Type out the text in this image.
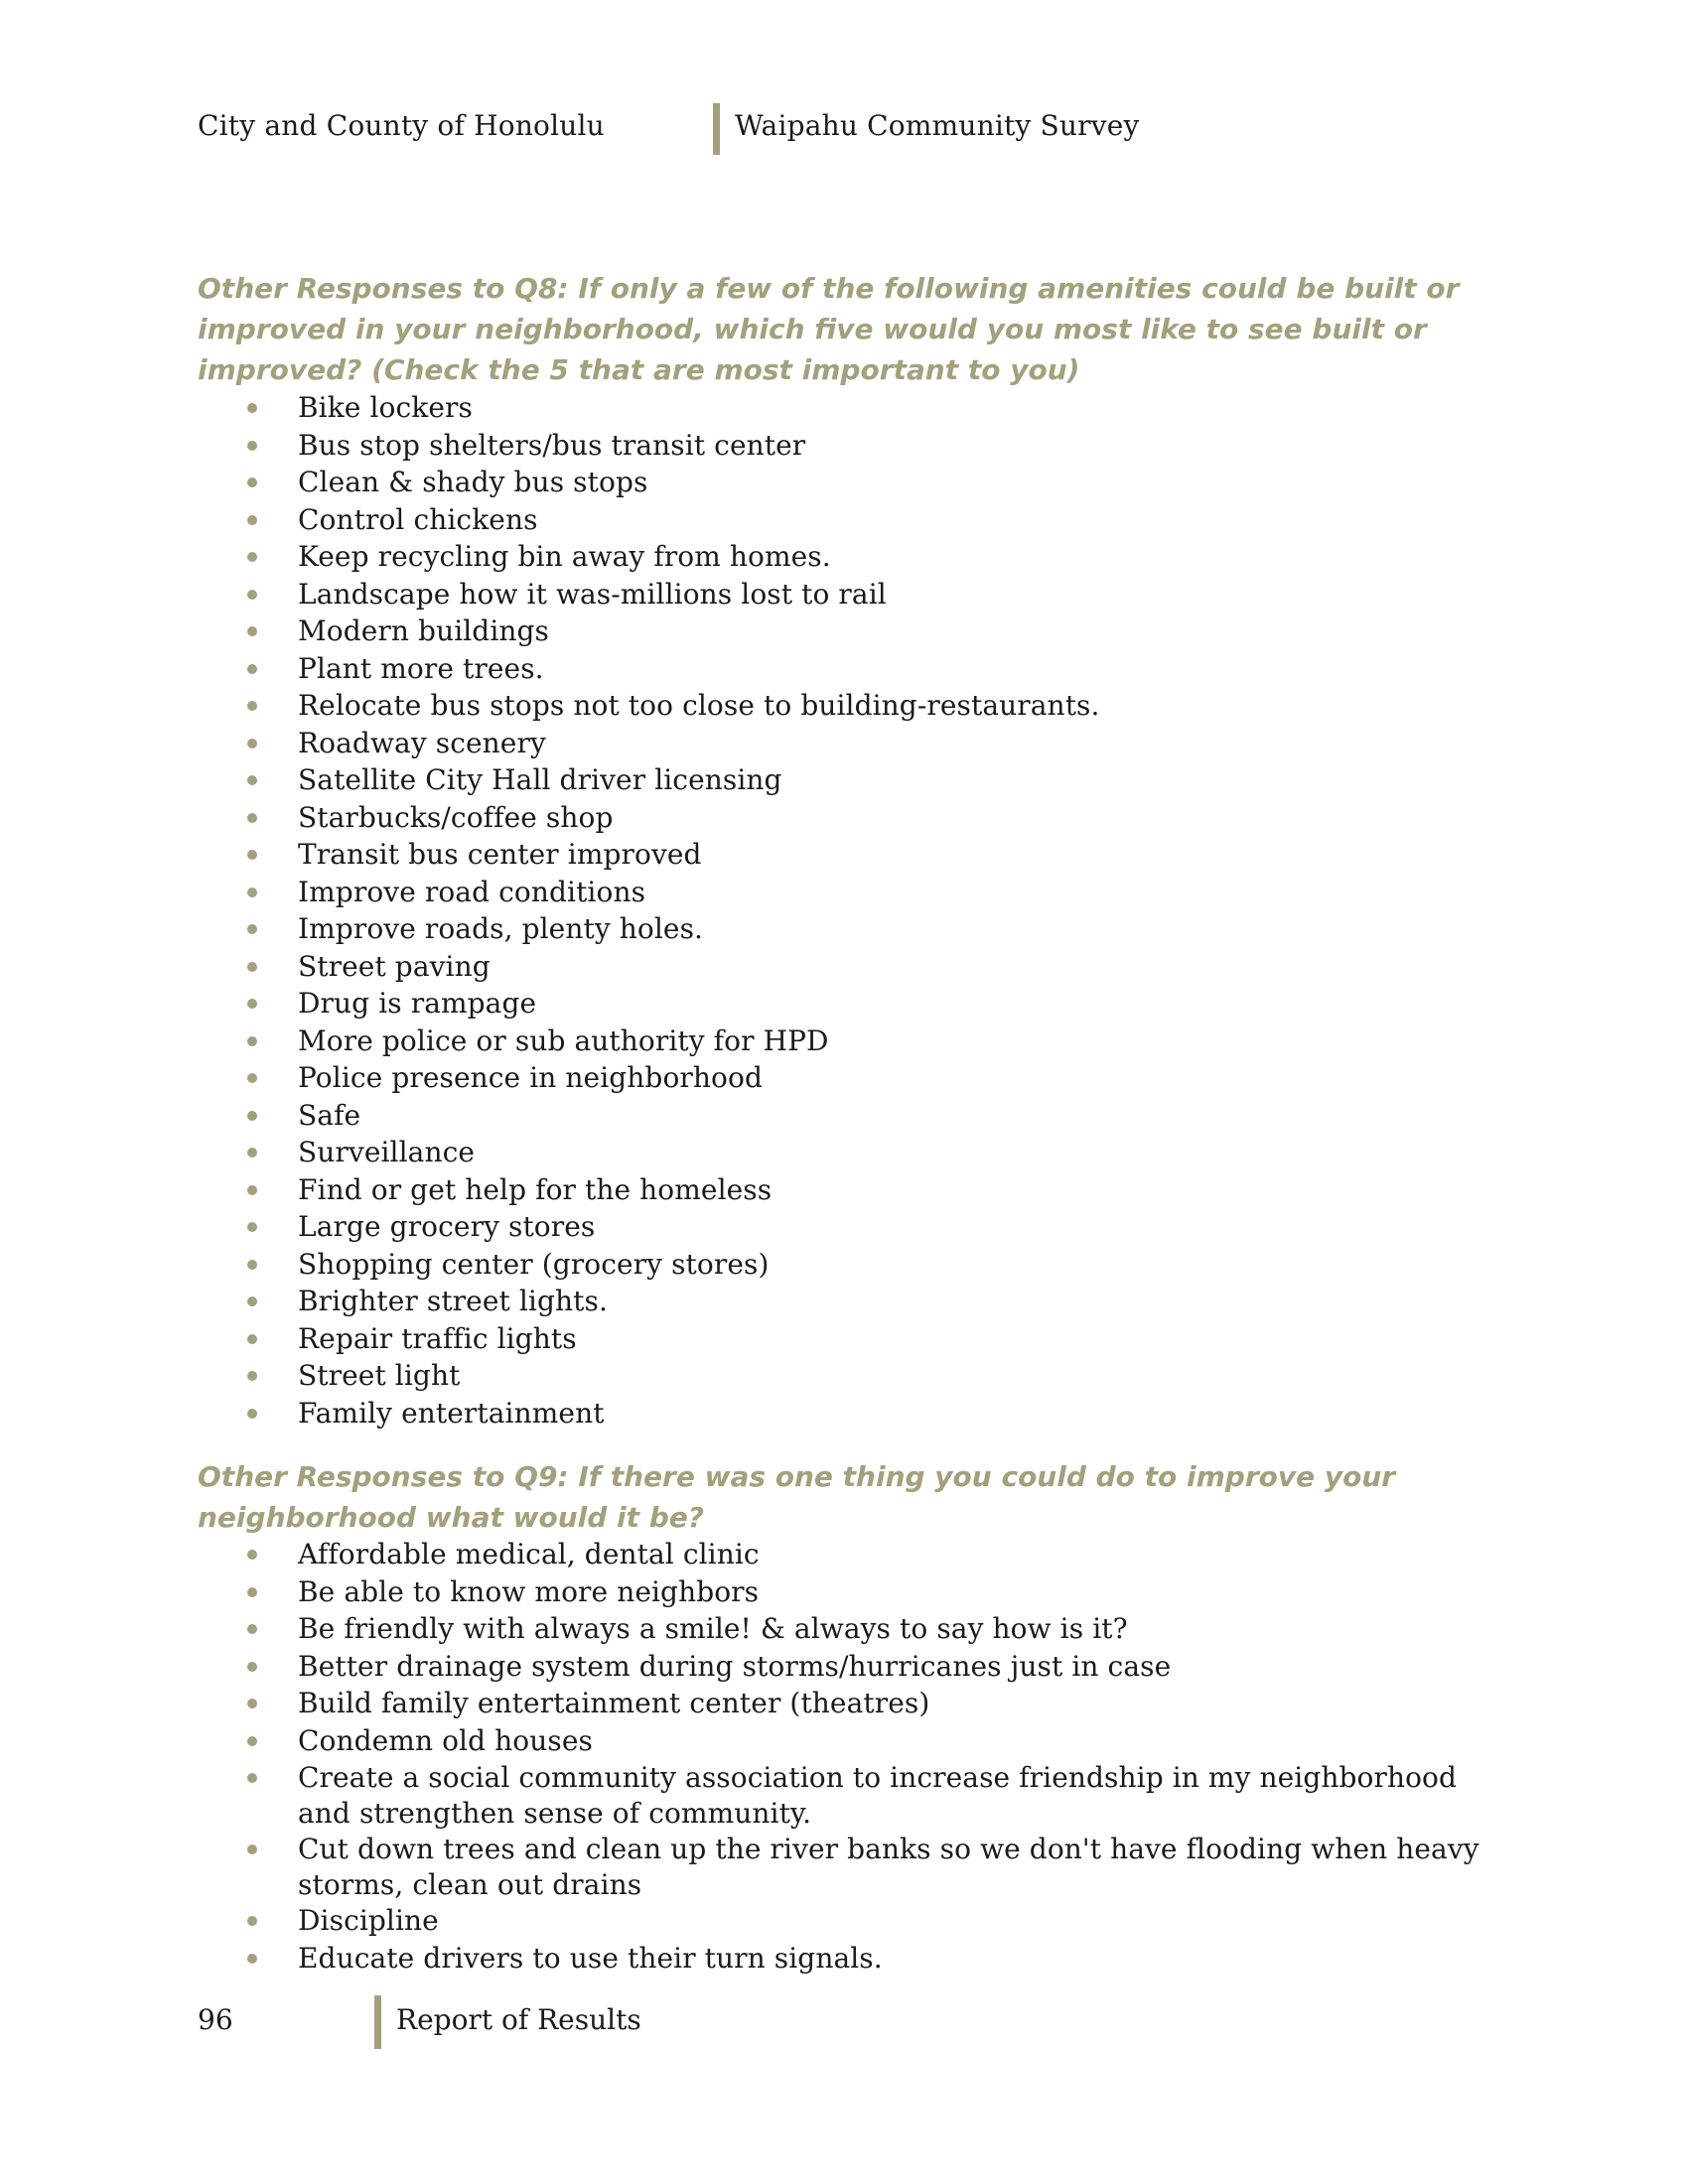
City and County of Honolulu	Waipahu Community Survey
Other Responses to Q8: If only a few of the following amenities could be built or improved in your neighborhood, which five would you most like to see built or improved? (Check the 5 that are most important to you)
Bike lockers
Bus stop shelters/bus transit center
Clean & shady bus stops
Control chickens
Keep recycling bin away from homes.
Landscape how it was-millions lost to rail
Modern buildings
Plant more trees.
Relocate bus stops not too close to building-restaurants.
Roadway scenery
Satellite City Hall driver licensing
Starbucks/coffee shop
Transit bus center improved
Improve road conditions
Improve roads, plenty holes.
Street paving
Drug is rampage
More police or sub authority for HPD
Police presence in neighborhood
Safe
Surveillance
Find or get help for the homeless
Large grocery stores
Shopping center (grocery stores)
Brighter street lights.
Repair traffic lights
Street light
Family entertainment
Other Responses to Q9: If there was one thing you could do to improve your neighborhood what would it be?
Affordable medical, dental clinic
Be able to know more neighbors
Be friendly with always a smile! & always to say how is it?
Better drainage system during storms/hurricanes just in case
Build family entertainment center (theatres)
Condemn old houses
Create a social community association to increase friendship in my neighborhood and strengthen sense of community.
Cut down trees and clean up the river banks so we don't have flooding when heavy storms, clean out drains
Discipline
Educate drivers to use their turn signals.
96	Report of Results
